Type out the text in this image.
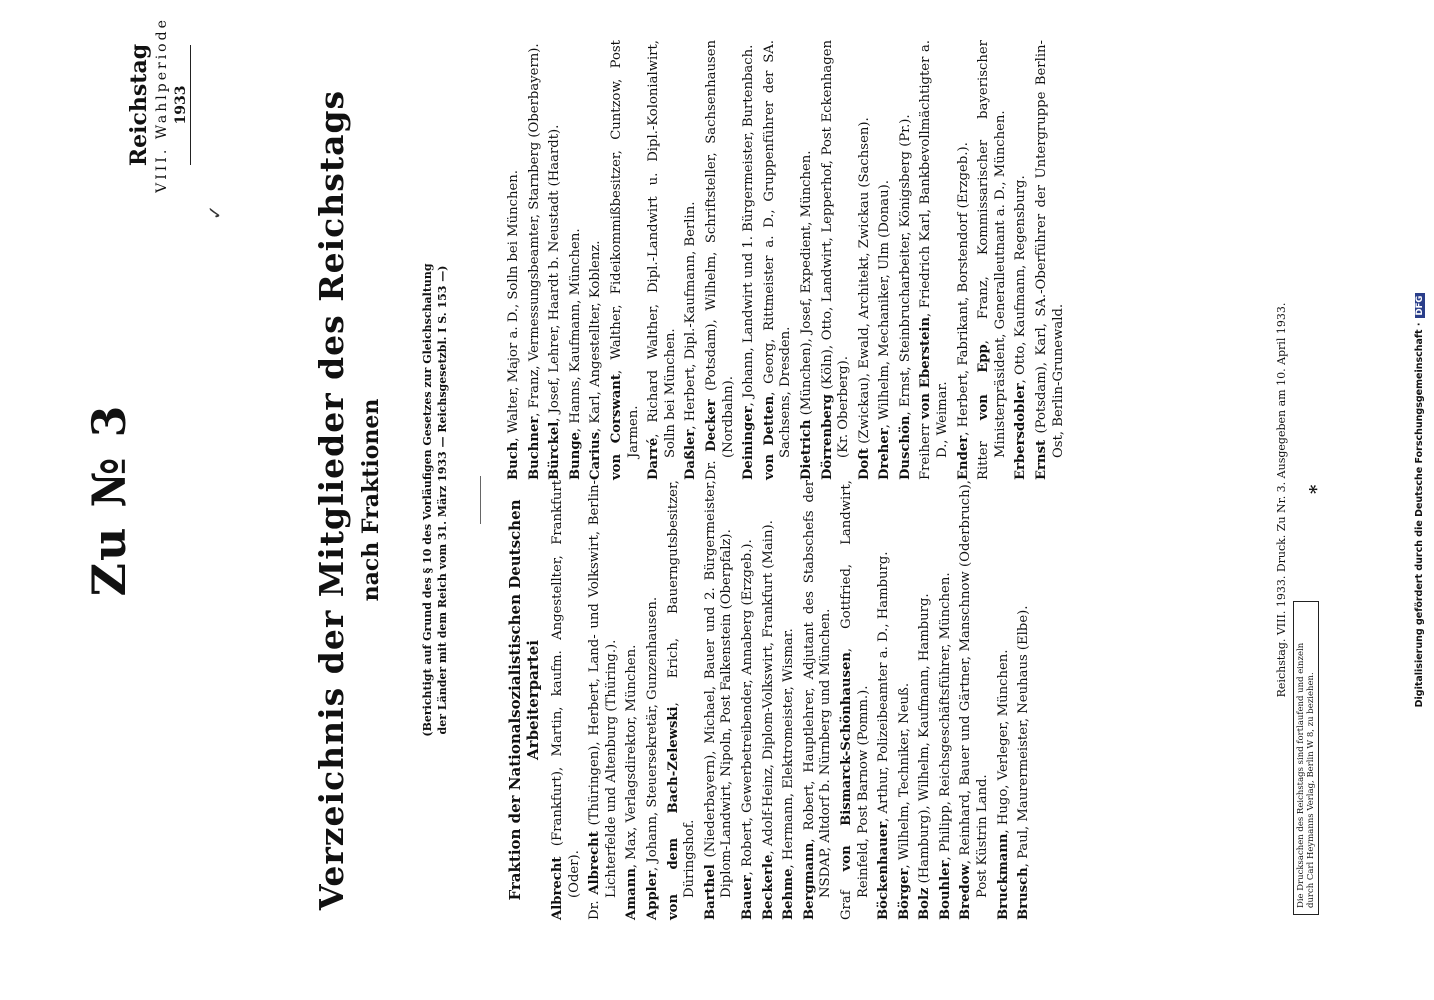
Reichstag VIII. Wahlperiode 1933
✓
Zu № 3	Verzeichnis der Mitglieder des Reichstags nach Fraktionen	(Berichtigt auf Grund des § 10 des Vorläufigen Gesetzes zur Gleichschaltung der Länder mit dem Reich vom 31. März 1933 — Reichsgesetzbl. I S. 153 —)	Fraktion der Nationalsozialistischen Deutschen Arbeiterpartei
Albrecht (Frankfurt), Martin, kaufm. Angestellter, Frankfurt (Oder).
Dr. Albrecht (Thüringen), Herbert, Land- und Volkswirt, Berlin-Lichterfelde und Altenburg (Thüring.). Amann, Max, Verlagsdirektor, München.
Appler, Johann, Steuersekretär, Gunzenhausen. von dem Bach-Zelewski, Erich, Bauerngutsbesitzer, Düringshof. Barthel (Niederbayern), Michael, Bauer und 2. Bürgermeister, Diplom-Landwirt, Nipoln, Post Falkenstein (Oberpfalz). Bauer, Robert, Gewerbetreibender, Annaberg (Erzgeb.).
Beckerle, Adolf-Heinz, Diplom-Volkswirt, Frankfurt (Main).
Behme, Hermann, Elektromeister, Wismar.
Bergmann, Robert, Hauptlehrer, Adjutant des Stabschefs der NSDAP, Altdorf b. Nürnberg und München. Graf von Bismarck-Schönhausen, Gottfried, Landwirt, Reinfeld, Post Barnow (Pomm.). Böckenhauer, Arthur, Polizeibeamter a. D., Hamburg.
Börger, Wilhelm, Techniker, Neuß.
Bolz (Hamburg), Wilhelm, Kaufmann, Hamburg.
Bouhler, Philipp, Reichsgeschäftsführer, München.
Bredow, Reinhard, Bauer und Gärtner, Manschnow (Oderbruch), Post Küstrin Land. Bruckmann, Hugo, Verleger, München.
Brusch, Paul, Maurermeister, Neuhaus (Elbe).
Buch, Walter, Major a. D., Solln bei München.
Buchner, Franz, Vermessungsbeamter, Starnberg (Oberbayern).
Bürckel, Josef, Lehrer, Haardt b. Neustadt (Haardt).
Bunge, Hanns, Kaufmann, München.
Carius, Karl, Angestellter, Koblenz. von Corswant, Walther, Fideikommißbesitzer, Cuntzow, Post Jarmen.
Darré, Richard Walther, Dipl.-Landwirt u. Dipl.-Kolonialwirt, Solln bei München. Daßler, Herbert, Dipl.-Kaufmann, Berlin.
Dr. Decker (Potsdam), Wilhelm, Schriftsteller, Sachsenhausen (Nordbahn). Deininger, Johann, Landwirt und 1. Bürgermeister, Burtenbach.
von Detten, Georg, Rittmeister a. D., Gruppenführer der SA. Sachsens, Dresden. Dietrich (München), Josef, Expedient, München.
Dörrenberg (Köln), Otto, Landwirt, Lepperhof, Post Eckenhagen (Kr. Oberberg).
Doſt (Zwickau), Ewald, Architekt, Zwickau (Sachsen).
Dreher, Wilhelm, Mechaniker, Ulm (Donau).
Duschön, Ernst, Steinbrucharbeiter, Königsberg (Pr.).
Freiherr von Eberstein, Friedrich Karl, Bankbevollmächtigter a. D., Weimar. Ender, Herbert, Fabrikant, Borstendorf (Erzgeb.).
Ritter von Epp, Franz, Kommissarischer bayerischer Ministerpräsident, Generalleutnant a. D., München. Erbersdobler, Otto, Kaufmann, Regensburg.
Ernst (Potsdam), Karl, SA.-Oberführer der Untergruppe Berlin-Ost, Berlin-Grunewald.
*
Reichstag. VIII. 1933. Druck. Zu Nr. 3. Ausgegeben am 10. April 1933.
Die Drucksachen des Reichstags sind fortlaufend und einzeln durch Carl Heymanns Verlag, Berlin W 8, zu beziehen.
Digitalisierung gefördert durch die Deutsche Forschungsgemeinschaft ·DFG
